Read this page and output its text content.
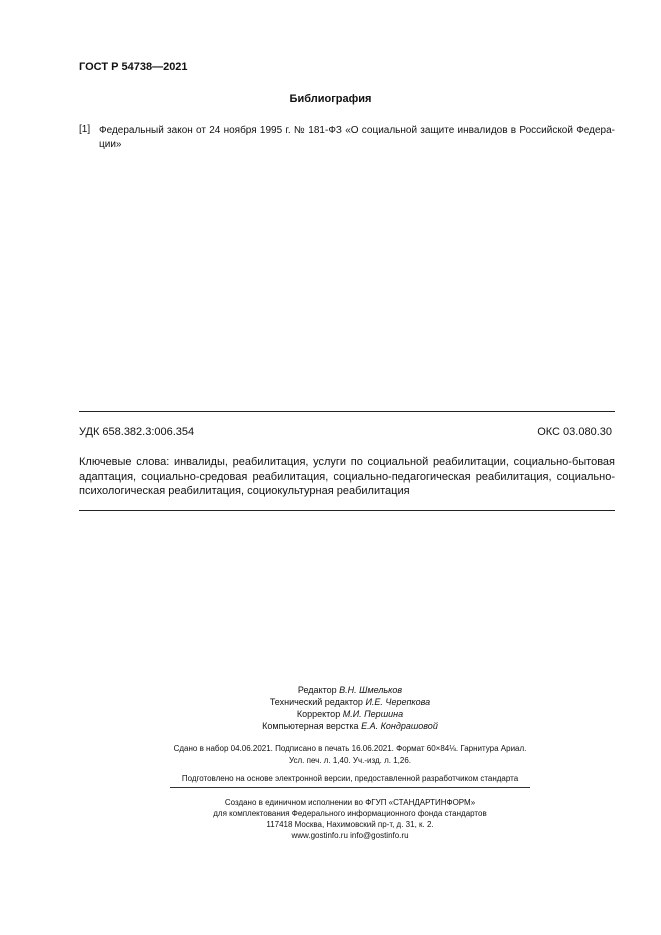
ГОСТ Р 54738—2021
Библиография
[1] Федеральный закон от 24 ноября 1995 г. № 181-ФЗ «О социальной защите инвалидов в Российской Федера-ции»
УДК 658.382.3:006.354	ОКС 03.080.30
Ключевые слова: инвалиды, реабилитация, услуги по социальной реабилитации, социально-бытовая адаптация, социально-средовая реабилитация, социально-педагогическая реабилитация, социально-психологическая реабилитация, социокультурная реабилитация
Редактор В.Н. Шмельков
Технический редактор И.Е. Черепкова
Корректор М.И. Першина
Компьютерная верстка Е.А. Кондрашовой
Сдано в набор 04.06.2021. Подписано в печать 16.06.2021. Формат 60×84⅛. Гарнитура Ариал.
Усл. печ. л. 1,40. Уч.-изд. л. 1,26.
Подготовлено на основе электронной версии, предоставленной разработчиком стандарта
Создано в единичном исполнении во ФГУП «СТАНДАРТИНФОРМ»
для комплектования Федерального информационного фонда стандартов
117418 Москва, Нахимовский пр-т, д. 31, к. 2.
www.gostinfo.ru info@gostinfo.ru
